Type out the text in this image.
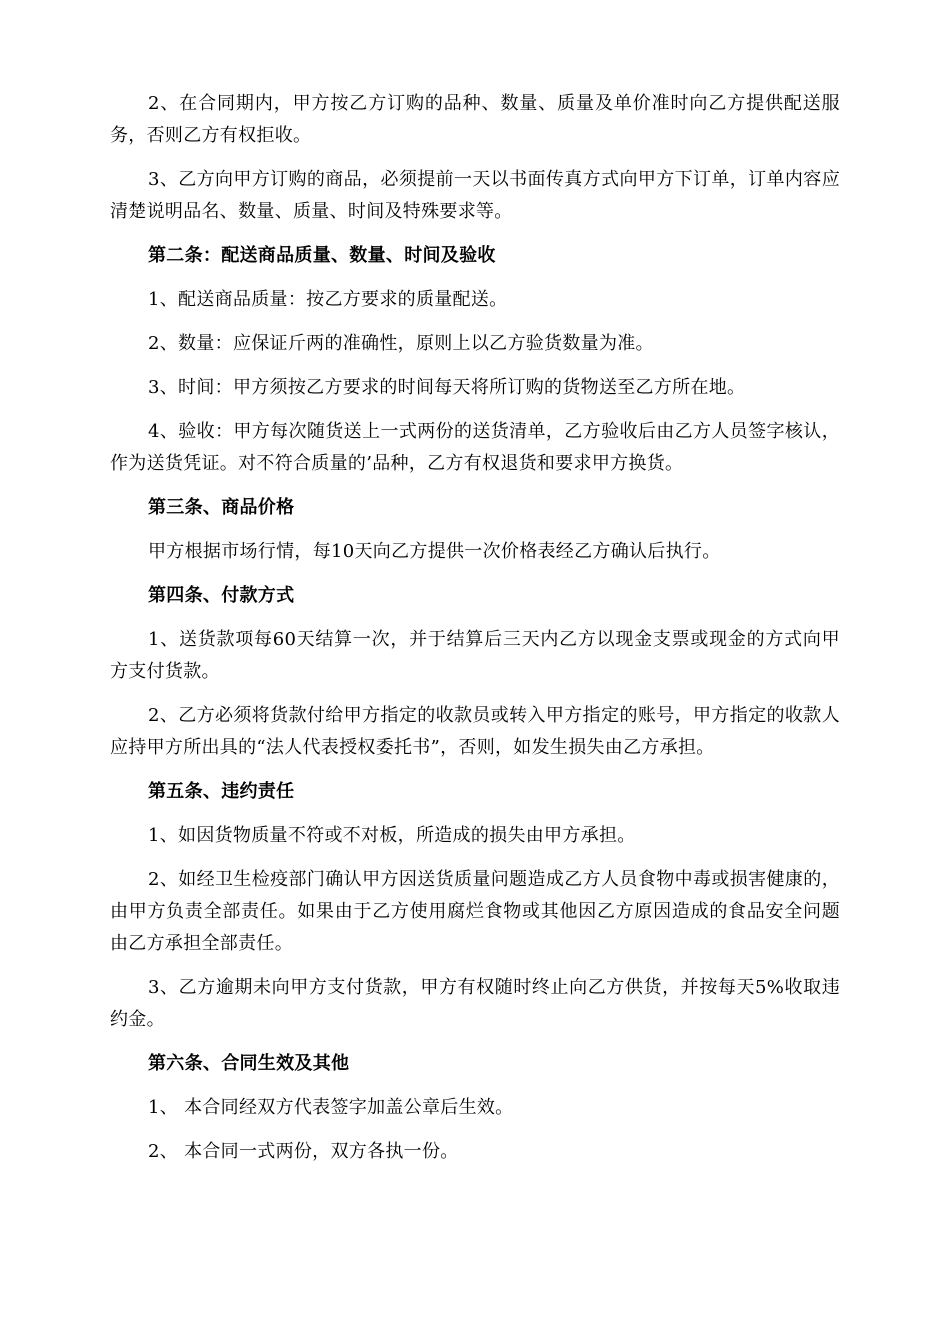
2、在合同期内，甲方按乙方订购的品种、数量、质量及单价准时向乙方提供配送服务，否则乙方有权拒收。

3、乙方向甲方订购的商品，必须提前一天以书面传真方式向甲方下订单，订单内容应清楚说明品名、数量、质量、时间及特殊要求等。

第二条：配送商品质量、数量、时间及验收

1、配送商品质量：按乙方要求的质量配送。

2、数量：应保证斤两的准确性，原则上以乙方验货数量为准。

3、时间：甲方须按乙方要求的时间每天将所订购的货物送至乙方所在地。

4、验收：甲方每次随货送上一式两份的送货清单，乙方验收后由乙方人员签字核认，作为送货凭证。对不符合质量的’品种，乙方有权退货和要求甲方换货。

第三条、商品价格

甲方根据市场行情，每10天向乙方提供一次价格表经乙方确认后执行。

第四条、付款方式

1、送货款项每60天结算一次，并于结算后三天内乙方以现金支票或现金的方式向甲方支付货款。

2、乙方必须将货款付给甲方指定的收款员或转入甲方指定的账号，甲方指定的收款人应持甲方所出具的“法人代表授权委托书”，否则，如发生损失由乙方承担。

第五条、违约责任

1、如因货物质量不符或不对板，所造成的损失由甲方承担。

2、如经卫生检疫部门确认甲方因送货质量问题造成乙方人员食物中毒或损害健康的，由甲方负责全部责任。如果由于乙方使用腐烂食物或其他因乙方原因造成的食品安全问题由乙方承担全部责任。

3、乙方逾期未向甲方支付货款，甲方有权随时终止向乙方供货，并按每天5%收取违约金。

第六条、合同生效及其他

1、 本合同经双方代表签字加盖公章后生效。

2、 本合同一式两份，双方各执一份。
